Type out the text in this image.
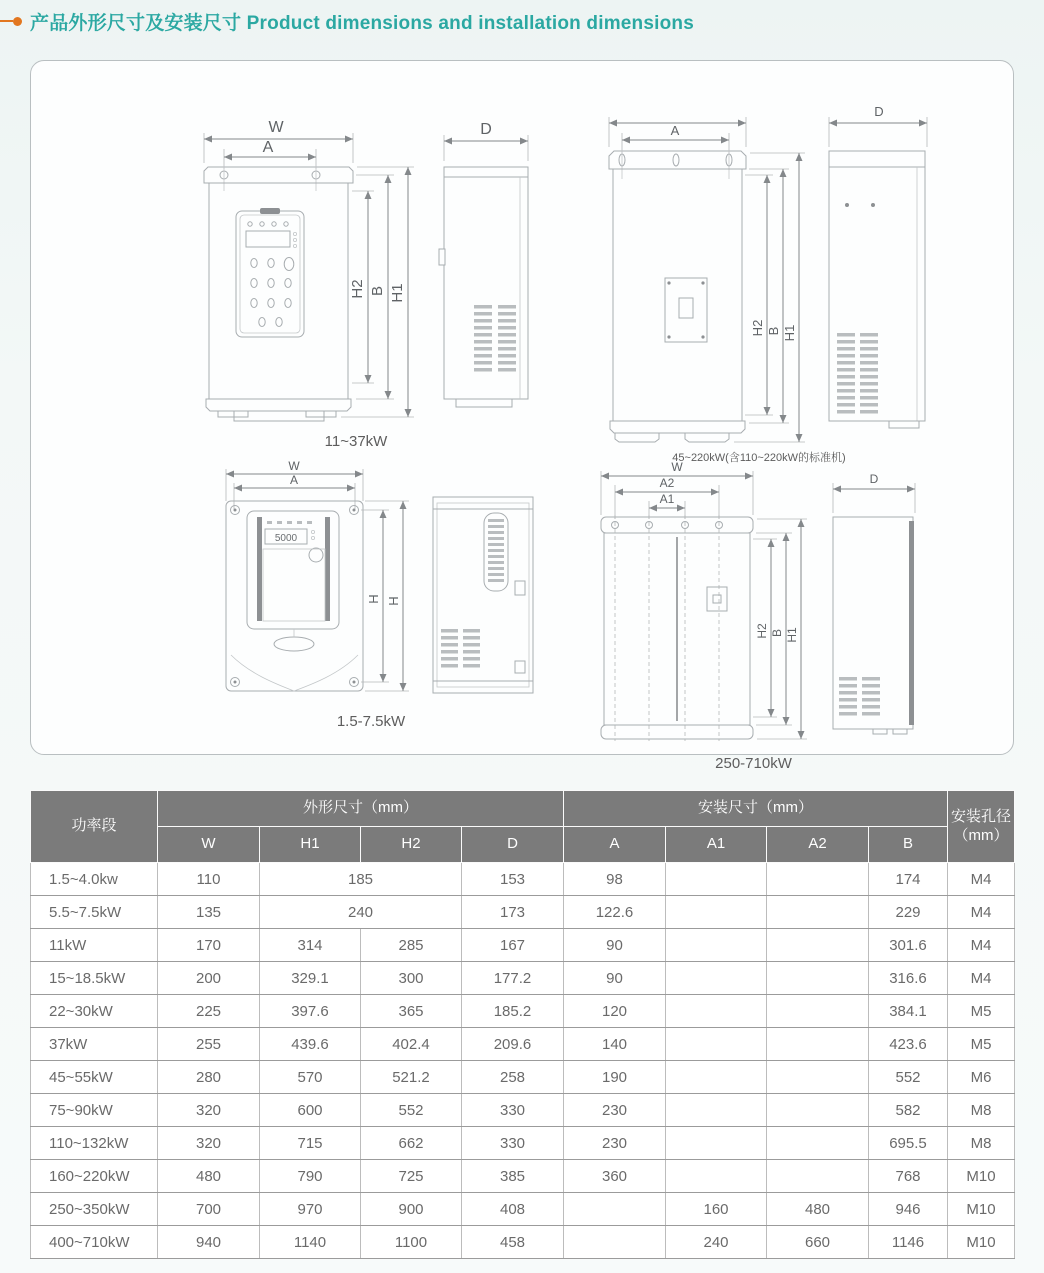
产品外形尺寸及安装尺寸 Product dimensions and installation dimensions
W
A
H2 B H1
D
11~37kW
A
H2 B H1
D
45~220kW(含110~220kW的标准机)
W
A
5000
H H
1.5-7.5kW
W
A2
A1
H2 B H1
D
250-710kW
功率段	外形尺寸（mm）				安装尺寸（mm）				安装孔径
（mm）
	W	H1	H2	D	A	A1	A2	B	
1.5~4.0kw	110	185		153	98			174	M4
5.5~7.5kW	135	240		173	122.6			229	M4
11kW	170	314	285	167	90			301.6	M4
15~18.5kW	200	329.1	300	177.2	90			316.6	M4
22~30kW	225	397.6	365	185.2	120			384.1	M5
37kW	255	439.6	402.4	209.6	140			423.6	M5
45~55kW	280	570	521.2	258	190			552	M6
75~90kW	320	600	552	330	230			582	M8
110~132kW	320	715	662	330	230			695.5	M8
160~220kW	480	790	725	385	360			768	M10
250~350kW	700	970	900	408		160	480	946	M10
400~710kW	940	1140	1100	458		240	660	1146	M10
